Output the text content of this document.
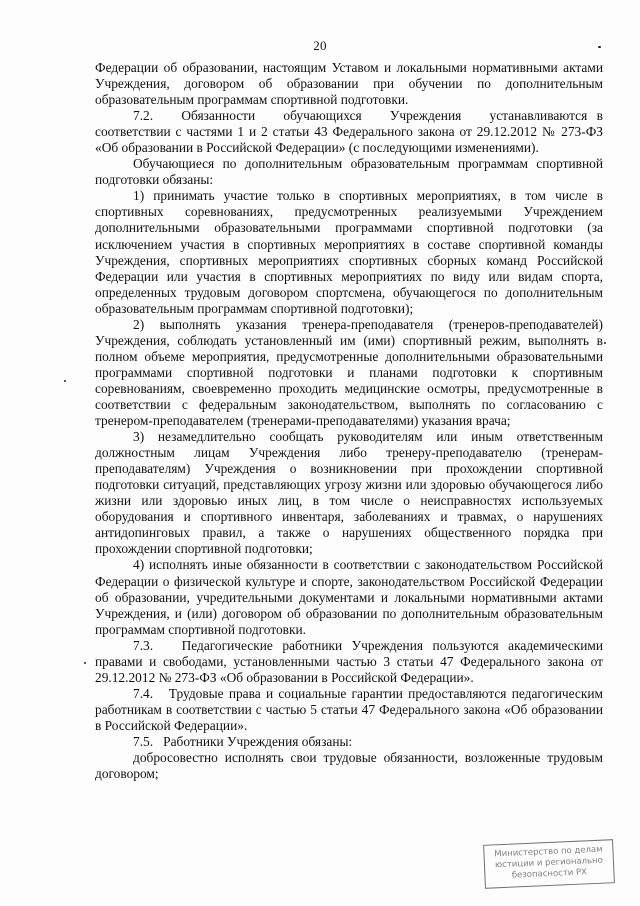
20

Федерации об образовании, настоящим Уставом и локальными нормативными актами Учреждения, договором об образовании при обучении по дополнительным образовательным программам спортивной подготовки.

7.2.   Обязанности   обучающихся   Учреждения   устанавливаются в соответствии с частями 1 и 2 статьи 43 Федерального закона от 29.12.2012 № 273-ФЗ «Об образовании в Российской Федерации» (с последующими изменениями).

Обучающиеся по дополнительным образовательным программам спортивной подготовки обязаны:

1) принимать участие только в спортивных мероприятиях, в том числе в спортивных соревнованиях, предусмотренных реализуемыми Учреждением дополнительными образовательными программами спортивной подготовки (за исключением участия в спортивных мероприятиях в составе спортивной команды Учреждения, спортивных мероприятиях спортивных сборных команд Российской Федерации или участия в спортивных мероприятиях по виду или видам спорта, определенных трудовым договором спортсмена, обучающегося по дополнительным образовательным программам спортивной подготовки);

2) выполнять указания тренера-преподавателя (тренеров-преподавателей) Учреждения, соблюдать установленный им (ими) спортивный режим, выполнять в полном объеме мероприятия, предусмотренные дополнительными образовательными программами спортивной подготовки и планами подготовки к спортивным соревнованиям, своевременно проходить медицинские осмотры, предусмотренные в соответствии с федеральным законодательством, выполнять по согласованию с тренером-преподавателем (тренерами-преподавателями) указания врача;

3) незамедлительно сообщать руководителям или иным ответственным должностным лицам Учреждения либо тренеру-преподавателю (тренерам-преподавателям) Учреждения о возникновении при прохождении спортивной подготовки ситуаций, представляющих угрозу жизни или здоровью обучающегося либо жизни или здоровью иных лиц, в том числе о неисправностях используемых оборудования и спортивного инвентаря, заболеваниях и травмах, о нарушениях антидопинговых правил, а также о нарушениях общественного порядка при прохождении спортивной подготовки;

4) исполнять иные обязанности в соответствии с законодательством Российской Федерации о физической культуре и спорте, законодательством Российской Федерации об образовании, учредительными документами и локальными нормативными актами Учреждения, и (или) договором об образовании по дополнительным образовательным программам спортивной подготовки.

7.3.   Педагогические работники Учреждения пользуются академическими правами и свободами, установленными частью 3 статьи 47 Федерального закона от 29.12.2012 № 273-ФЗ «Об образовании в Российской Федерации».

7.4.   Трудовые права и социальные гарантии предоставляются педагогическим работникам в соответствии с частью 5 статьи 47 Федерального закона «Об образовании в Российской Федерации».

7.5.   Работники Учреждения обязаны:

добросовестно исполнять свои трудовые обязанности, возложенные трудовым договором;

Министерство по делам
юстиции и регионально
безопасности РХ
